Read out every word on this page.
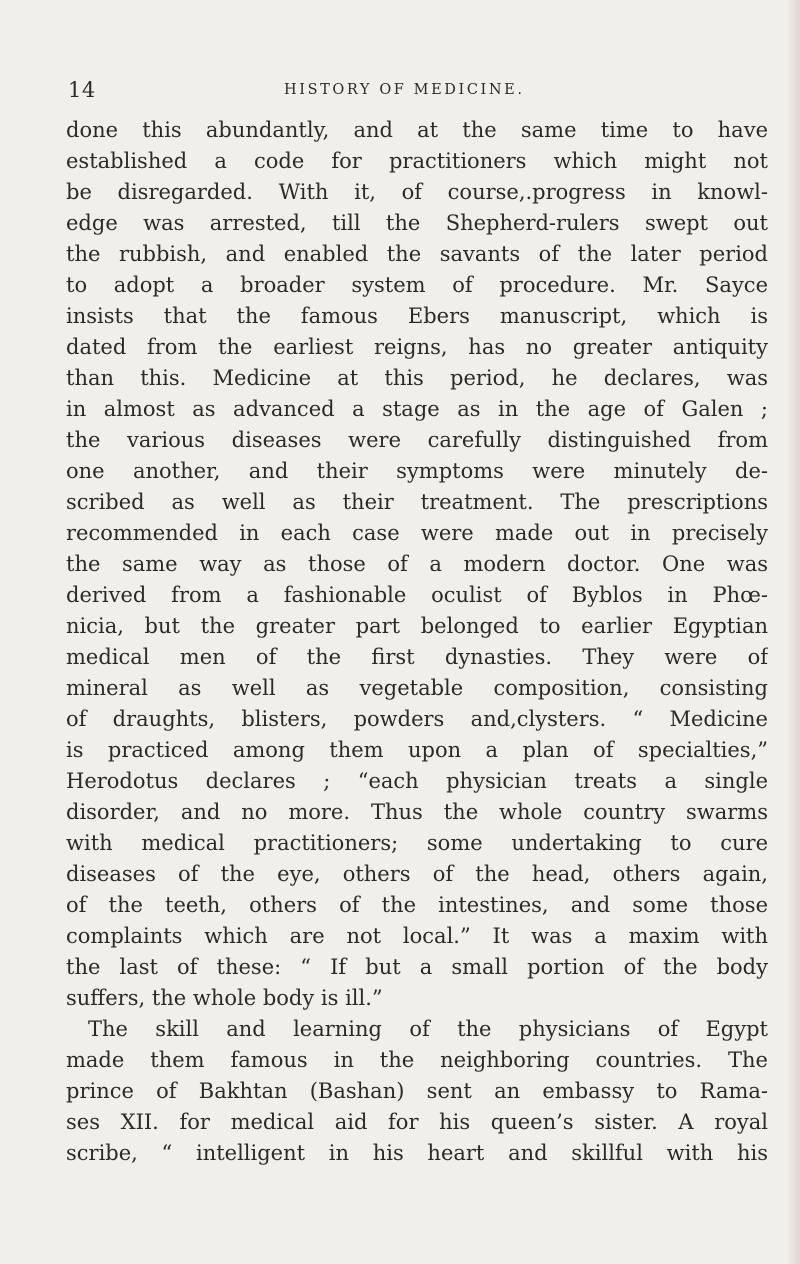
14	HISTORY OF MEDICINE.
done this abundantly, and at the same time to have
established a code for practitioners which might not
be disregarded. With it, of course,.progress in knowl-
edge was arrested, till the Shepherd-rulers swept out
the rubbish, and enabled the savants of the later period
to adopt a broader system of procedure. Mr. Sayce
insists that the famous Ebers manuscript, which is
dated from the earliest reigns, has no greater antiquity
than this. Medicine at this period, he declares, was
in almost as advanced a stage as in the age of Galen ;
the various diseases were carefully distinguished from
one another, and their symptoms were minutely de-
scribed as well as their treatment. The prescriptions
recommended in each case were made out in precisely
the same way as those of a modern doctor. One was
derived from a fashionable oculist of Byblos in Phœ-
nicia, but the greater part belonged to earlier Egyptian
medical men of the first dynasties. They were of
mineral as well as vegetable composition, consisting
of draughts, blisters, powders and,clysters. “ Medicine
is practiced among them upon a plan of specialties,”
Herodotus declares ; “each physician treats a single
disorder, and no more. Thus the whole country swarms
with medical practitioners; some undertaking to cure
diseases of the eye, others of the head, others again,
of the teeth, others of the intestines, and some those
complaints which are not local.” It was a maxim with
the last of these: “ If but a small portion of the body
suffers, the whole body is ill.”
The skill and learning of the physicians of Egypt
made them famous in the neighboring countries. The
prince of Bakhtan (Bashan) sent an embassy to Rama-
ses XII. for medical aid for his queen’s sister. A royal
scribe, “ intelligent in his heart and skillful with his
